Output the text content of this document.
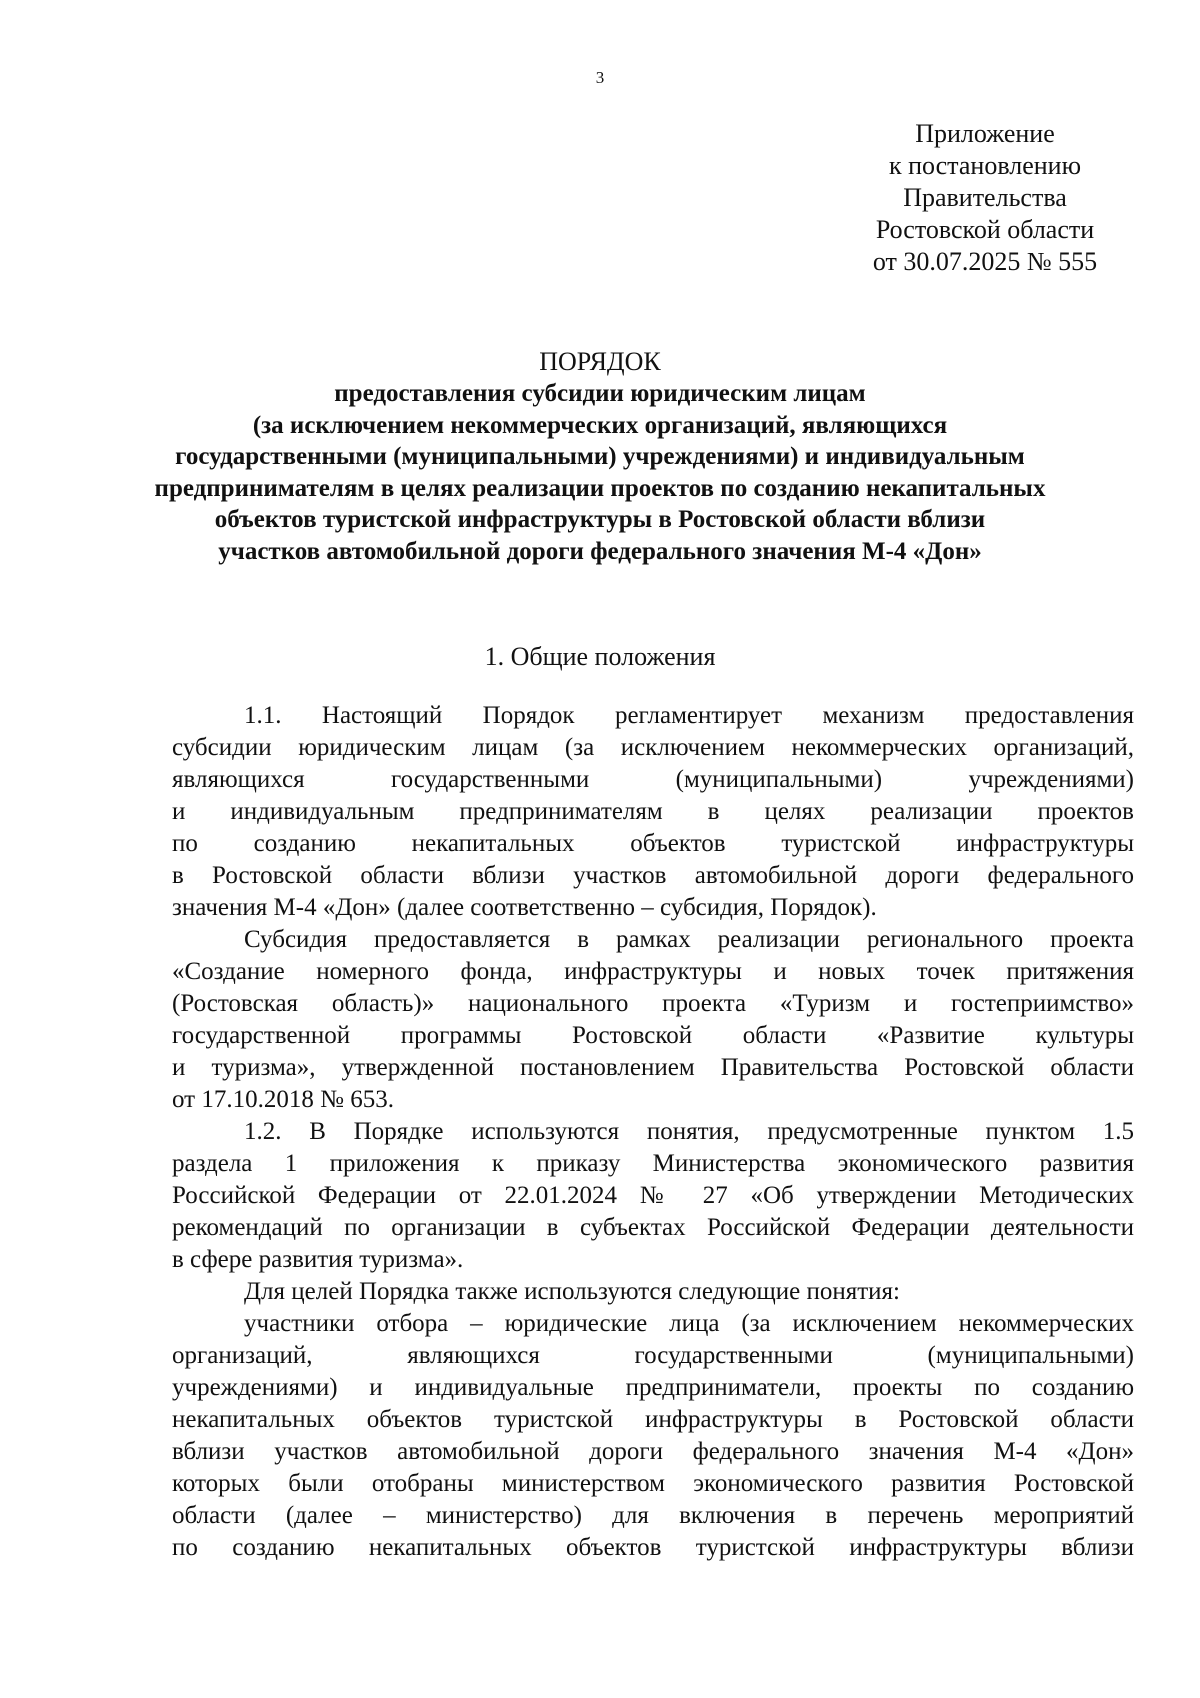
3
Приложение
к постановлению
Правительства
Ростовской области
от 30.07.2025 № 555
ПОРЯДОК
предоставления субсидии юридическим лицам
(за исключением некоммерческих организаций, являющихся
государственными (муниципальными) учреждениями) и индивидуальным
предпринимателям в целях реализации проектов по созданию некапитальных
объектов туристской инфраструктуры в Ростовской области вблизи
участков автомобильной дороги федерального значения М-4 «Дон»
1. Общие положения
1.1. Настоящий Порядок регламентирует механизм предоставления
субсидии юридическим лицам (за исключением некоммерческих организаций,
являющихся государственными (муниципальными) учреждениями)
и индивидуальным предпринимателям в целях реализации проектов
по созданию некапитальных объектов туристской инфраструктуры
в Ростовской области вблизи участков автомобильной дороги федерального
значения М-4 «Дон» (далее соответственно – субсидия, Порядок).
Субсидия предоставляется в рамках реализации регионального проекта
«Создание номерного фонда, инфраструктуры и новых точек притяжения
(Ростовская область)» национального проекта «Туризм и гостеприимство»
государственной программы Ростовской области «Развитие культуры
и туризма», утвержденной постановлением Правительства Ростовской области
от 17.10.2018 № 653.
1.2. В Порядке используются понятия, предусмотренные пунктом 1.5
раздела 1 приложения к приказу Министерства экономического развития
Российской Федерации от 22.01.2024 № 27 «Об утверждении Методических
рекомендаций по организации в субъектах Российской Федерации деятельности
в сфере развития туризма».
Для целей Порядка также используются следующие понятия:
участники отбора – юридические лица (за исключением некоммерческих
организаций, являющихся государственными (муниципальными)
учреждениями) и индивидуальные предприниматели, проекты по созданию
некапитальных объектов туристской инфраструктуры в Ростовской области
вблизи участков автомобильной дороги федерального значения М-4 «Дон»
которых были отобраны министерством экономического развития Ростовской
области (далее – министерство) для включения в перечень мероприятий
по созданию некапитальных объектов туристской инфраструктуры вблизи
